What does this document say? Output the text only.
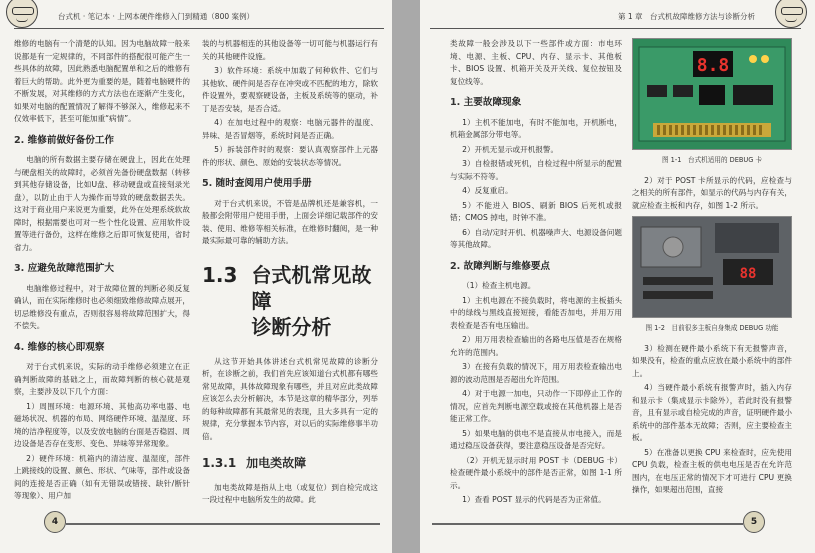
台式机 · 笔记本 · 上网本硬件维修入门到精通（800 案例）

维修的电脑有一个清楚的认知。因为电脑故障一般来说都是有一定规律的，不同部件的搭配很可能产生一些具体的故障，因此熟悉电脑配置单和之后的维修有着巨大的帮助。此外更为重要的是，随着电脑硬件的不断发展，对其维修的方式方法也在逐渐产生变化，如果对电脑的配置情况了解得不够深入，维修起来不仅效率低下，甚至可能加重“病情”。

2. 维修前做好备份工作

电脑的所有数据主要存储在硬盘上，因此在处理与硬盘相关的故障时，必须首先备份硬盘数据（转移到其他存储设备，比如U盘、移动硬盘或直接刻录光盘），以防止由于人为操作而导致的硬盘数据丢失。这对于商业用户来说更为重要，此外在处理系统软故障时，根据需要也可对一些个性化设置、应用软件设置等进行备份，这样在维修之后即可恢复使用，省时省力。

3. 应避免故障范围扩大

电脑维修过程中，对于故障位置的判断必须反复确认，而在实际维修时也必须细致维修故障点展开，切忌维修没有重点，否则很容易将故障范围扩大，得不偿失。

4. 维修的核心即观察

对于台式机来说，实际的动手维修必须建立在正确判断故障的基础之上，而故障判断的核心就是观察，主要涉及以下几个方面：

1）周围环境：电源环境、其他高功率电器、电磁场状况、机器的布局、网络硬件环境、温湿度、环境的洁净程度等，以及安放电脑的台面是否稳固、周边设备是否存在变形、变色、异味等异常现象。

2）硬件环境：机箱内的清洁度、温湿度，部件上跳接线的设置、颜色、形状、气味等，部件或设备间的连接是否正确（如有无错误或错接、缺针/断针等现象）、用户加

装的与机器相连的其他设备等一切可能与机器运行有关的其他硬件设施。

3）软件环境：系统中加载了何种软件、它们与其他软、硬件间是否存在冲突或不匹配的地方，除软件设置外，要观察硬设备，主板及系统等的驱动，补丁是否安装，是否合适。

4）在加电过程中的观察：电脑元器件的温度、异味、是否冒烟等，系统时间是否正确。

5）拆装部件时的观察：要认真观察部件上元器件的形状、颜色、原始的安装状态等情况。

5. 随时查阅用户使用手册

对于台式机来说，不管是品牌机还是兼容机，一般都会附带用户使用手册，上面会详细记载部件的安装、使用、维修等相关标准，在维修时翻阅，是一种最实际最可靠的辅助方法。

1.3 台式机常见故障
诊断分析

从这节开始具体讲述台式机常见故障的诊断分析，在诊断之前，我们首先应该知道台式机都有哪些常见故障，具体故障现象有哪些，并且对应此类故障应该怎么去分析解决，本节是这章的精华部分，列举的每种故障都有其最常见的表现，且大多具有一定的规律，充分掌握本节内容，对以后的实际维修事半功倍。

1.3.1 加电类故障

加电类故障是指从上电（或复位）到自检完成这一段过程中电脑所发生的故障。此

4
第 1 章　台式机故障维修方法与诊断分析

类故障一般会涉及以下一些部件或方面：市电环境、电源、主板、CPU、内存、显示卡、其他板卡、BIOS 设置、机箱开关及开关线、复位按钮及复位线等。

1. 主要故障现象

1）主机不能加电，有时不能加电，开机断电，机箱金属部分带电等。

2）开机无显示或开机报警。

3）自检报错或死机，自检过程中所显示的配置与实际不符等。

4）反复重启。

5）不能进入 BIOS、刷新 BIOS 后死机或报错；CMOS 掉电，时钟不准。

6）自动/定时开机、机器噪声大、电源设备问题等其他故障。

2. 故障判断与维修要点

（1）检查主机电源。

1）主机电源在不接负载时，将电源的主板插头中的绿线与黑线直接短接，看能否加电，并用万用表检查是否有电压输出。

2）用万用表检查输出的各路电压值是否在规格允许的范围内。

3）在接有负载的情况下，用万用表检查输出电源的波动范围是否超出允许范围。

4）对于电源一加电，只动作一下即停止工作的情况，应首先判断电源空载或接在其他机器上是否能正常工作。

5）如果电脑的供电不是直接从市电接入，而是通过稳压设备获得，要注意稳压设备是否完好。

（2）开机无显示时用 POST 卡（DEBUG 卡）检查硬件最小系统中的部件是否正常，如图 1-1 所示。

1）查看 POST 显示的代码是否为正常值。

8.8
图 1-1　台式机适用的 DEBUG 卡

2）对于 POST 卡所显示的代码，应检查与之相关的所有部件，如显示的代码与内存有关，就应检查主板和内存，如图 1-2 所示。

88
图 1-2　目前很多主板自身集成 DEBUG 功能

3）检测在硬件最小系统下有无报警声音，如果没有，检查的重点应放在最小系统中的部件上。

4）当硬件最小系统有报警声时，插入内存和显示卡（集成显示卡除外），若此时没有报警音，且有显示或自检完成的声音，证明硬件最小系统中的部件基本无故障；否则，应主要检查主板。

5）在准备以更换 CPU 来检查时，应先使用 CPU 负载，检查主板的供电电压是否在允许范围内，在电压正常的情况下才可进行 CPU 更换操作，如果超出范围，直接

5
